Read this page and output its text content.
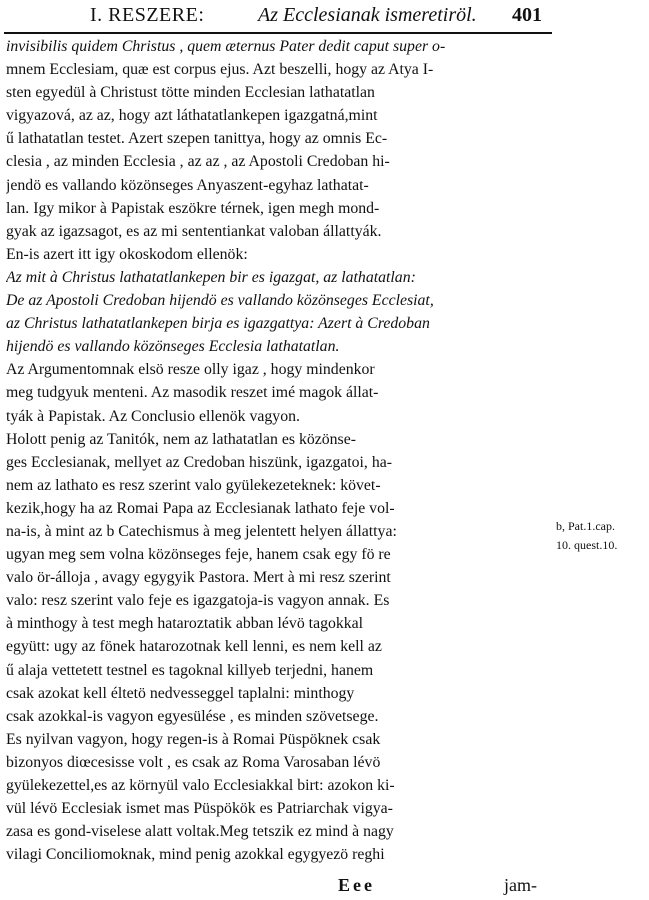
I. RESZERE:	Az Ecclesianak ismeretiröl. 401
invisibilis quidem Christus , quem æternus Pater dedit caput super o-
mnem Ecclesiam, quæ est corpus ejus. Azt beszelli, hogy az Atya I-
sten egyedül à Christust tötte minden Ecclesian lathatatlan
vigyazová, az az, hogy azt láthatatlankepen igazgatná,mint
ű lathatatlan testet. Azert szepen tanittya, hogy az omnis Ec-
clesia , az minden Ecclesia , az az , az Apostoli Credoban hi-
jendö es vallando közönseges Anyaszent-egyhaz lathatat-
lan. Igy mikor à Papistak eszökre térnek, igen megh mond-
gyak az igazsagot, es az mi sententiankat valoban állattyák.
En-is azert itt igy okoskodom ellenök:
Az mit à Christus lathatatlankepen bir es igazgat, az lathatatlan:
De az Apostoli Credoban hijendö es vallando közönseges Ecclesiat,
az Christus lathatatlankepen birja es igazgattya: Azert à Credoban
hijendö es vallando közönseges Ecclesia lathatatlan.
Az Argumentomnak elsö resze olly igaz , hogy mindenkor
meg tudgyuk menteni. Az masodik reszet imé magok állat-
tyák à Papistak. Az Conclusio ellenök vagyon.
Holott penig az Tanitók, nem az lathatatlan es közönse-
ges Ecclesianak, mellyet az Credoban hiszünk, igazgatoi, ha-
nem az lathato es resz szerint valo gyülekezeteknek: követ-
kezik,hogy ha az Romai Papa az Ecclesianak lathato feje vol-
na-is, à mint az b Catechismus à meg jelentett helyen állattya:
ugyan meg sem volna közönseges feje, hanem csak egy fö re
valo ör-álloja , avagy egygyik Pastora. Mert à mi resz szerint
valo: resz szerint valo feje es igazgatoja-is vagyon annak. Es
à minthogy à test megh hataroztatik abban lévö tagokkal
együtt: ugy az fönek hatarozotnak kell lenni, es nem kell az
ű alaja vettetett testnel es tagoknal killyeb terjedni, hanem
csak azokat kell éltetö nedvesseggel taplalni: minthogy
csak azokkal-is vagyon egyesülése , es minden szövetsege.
Es nyilvan vagyon, hogy regen-is à Romai Püspöknek csak
bizonyos diœcesisse volt , es csak az Roma Varosaban lévö
gyülekezettel,es az környül valo Ecclesiakkal birt: azokon ki-
vül lévö Ecclesiak ismet mas Püspökök es Patriarchak vigya-
zasa es gond-viselese alatt voltak.Meg tetszik ez mind à nagy
vilagi Conciliomoknak, mind penig azokkal egygyezö reghi
b, Pat.1.cap.
10. quest.10.
Eee	jam-
